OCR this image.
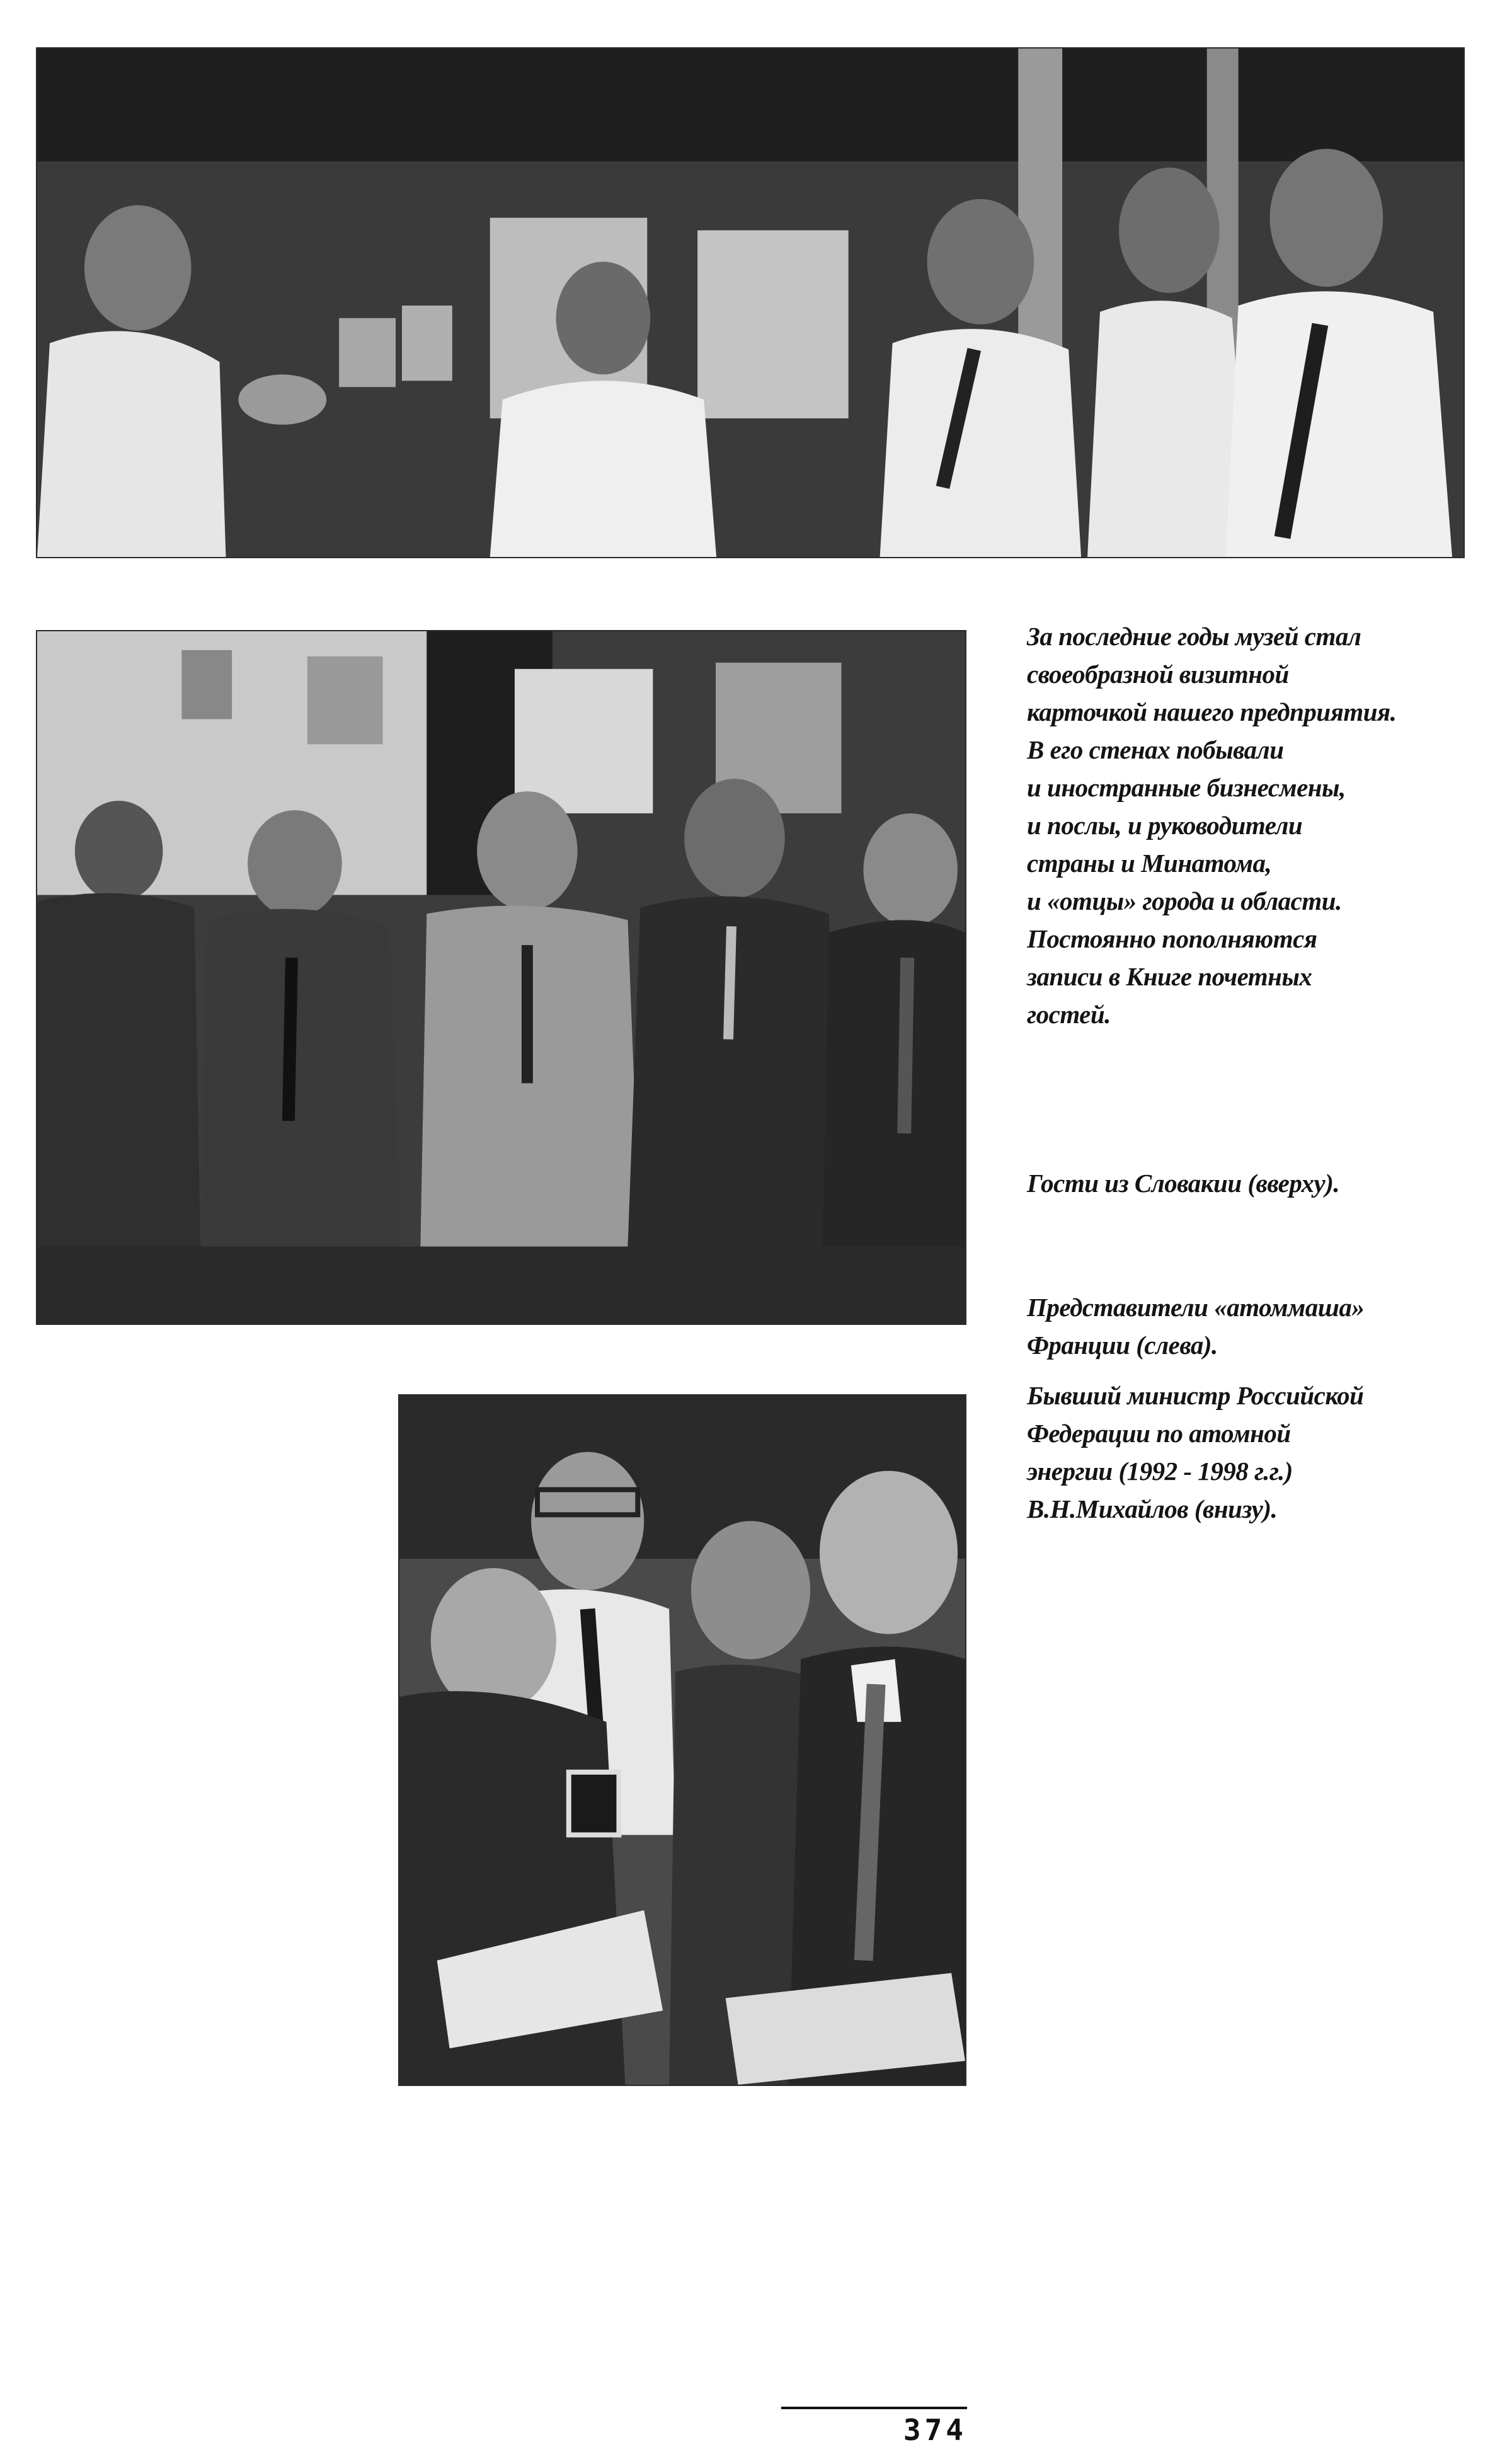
За последние годы музей стал
своеобразной визитной
карточкой нашего предприятия.
В его стенах побывали
и иностранные бизнесмены,
и послы, и руководители
страны и Минатома,
и «отцы» города и области.
Постоянно пополняются
записи в Книге почетных
гостей.
Гости из Словакии (вверху).
Представители «атоммаша»
Франции (слева).
Бывший министр Российской
Федерации по атомной
энергии (1992 - 1998 г.г.)
В.Н.Михайлов (внизу).
374
